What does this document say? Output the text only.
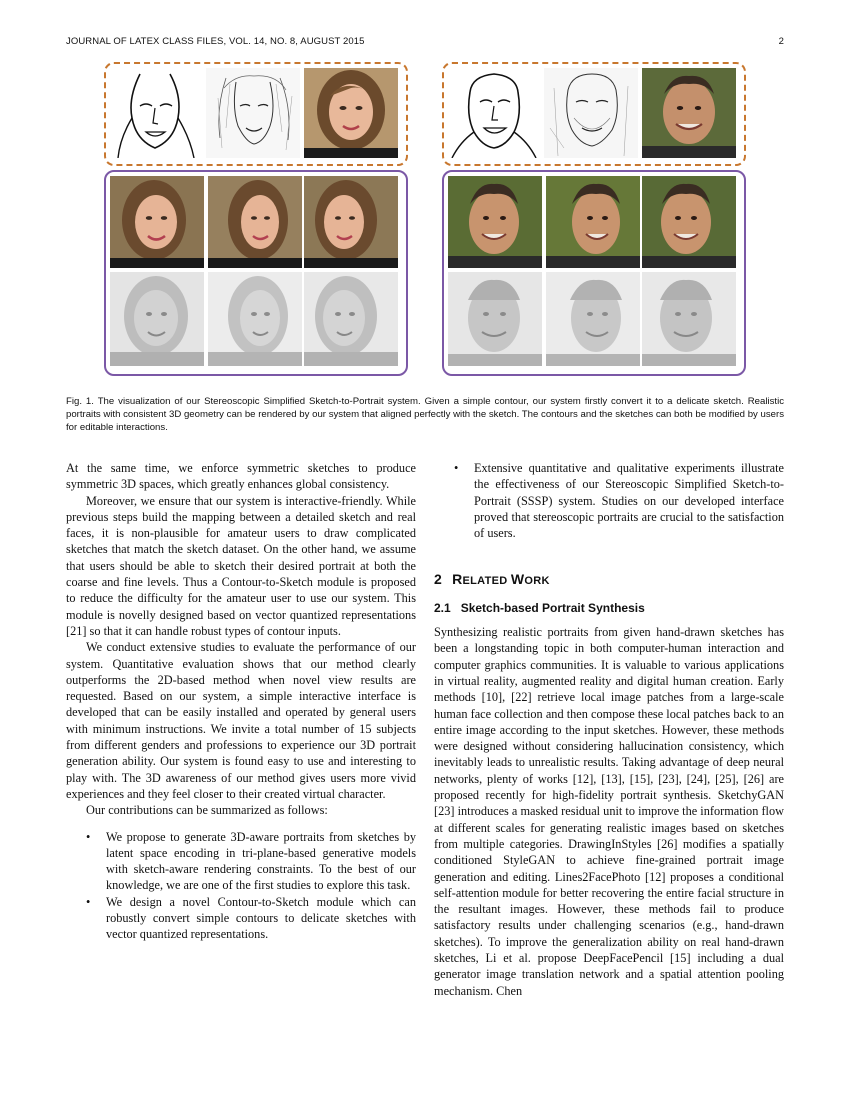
JOURNAL OF LATEX CLASS FILES, VOL. 14, NO. 8, AUGUST 2015	2
Fig. 1. The visualization of our Stereoscopic Simplified Sketch-to-Portrait system. Given a simple contour, our system firstly convert it to a delicate sketch. Realistic portraits with consistent 3D geometry can be rendered by our system that aligned perfectly with the sketch. The contours and the sketches can both be modified by users for editable interactions.

At the same time, we enforce symmetric sketches to produce symmetric 3D spaces, which greatly enhances global consistency.

Moreover, we ensure that our system is interactive-friendly. While previous steps build the mapping between a detailed sketch and real faces, it is non-plausible for amateur users to draw complicated sketches that match the sketch dataset. On the other hand, we assume that users should be able to sketch their desired portrait at both the coarse and fine levels. Thus a Contour-to-Sketch module is proposed to reduce the difficulty for the amateur user to use our system. This module is novelly designed based on vector quantized representations [21] so that it can handle robust types of contour inputs.

We conduct extensive studies to evaluate the performance of our system. Quantitative evaluation shows that our method clearly outperforms the 2D-based method when novel view results are requested. Based on our system, a simple interactive interface is developed that can be easily installed and operated by general users with minimum instructions. We invite a total number of 15 subjects from different genders and professions to experience our 3D portrait generation ability. Our system is found easy to use and interesting to play with. The 3D awareness of our method gives users more vivid experiences and they feel closer to their created virtual character.

Our contributions can be summarized as follows:

• We propose to generate 3D-aware portraits from sketches by latent space encoding in tri-plane-based generative models with sketch-aware rendering constraints. To the best of our knowledge, we are one of the first studies to explore this task.
• We design a novel Contour-to-Sketch module which can robustly convert simple contours to delicate sketches with vector quantized representations.
• Extensive quantitative and qualitative experiments illustrate the effectiveness of our Stereoscopic Simplified Sketch-to-Portrait (SSSP) system. Studies on our developed interface proved that stereoscopic portraits are crucial to the satisfaction of users.
2 RELATED WORK
2.1 Sketch-based Portrait Synthesis

Synthesizing realistic portraits from given hand-drawn sketches has been a longstanding topic in both computer-human interaction and computer graphics communities. It is valuable to various applications in virtual reality, augmented reality and digital human creation. Early methods [10], [22] retrieve local image patches from a large-scale human face collection and then compose these local patches back to an entire image according to the input sketches. However, these methods were designed without considering hallucination consistency, which inevitably leads to unrealistic results. Taking advantage of deep neural networks, plenty of works [12], [13], [15], [23], [24], [25], [26] are proposed recently for high-fidelity portrait synthesis. SketchyGAN [23] introduces a masked residual unit to improve the information flow at different scales for generating realistic images based on sketches from multiple categories. DrawingInStyles [26] modifies a spatially conditioned StyleGAN to achieve fine-grained portrait image generation and editing. Lines2FacePhoto [12] proposes a conditional self-attention module for better recovering the entire facial structure in the resultant images. However, these methods fail to produce satisfactory results under challenging scenarios (e.g., hand-drawn sketches). To improve the generalization ability on real hand-drawn sketches, Li et al. propose DeepFacePencil [15] including a dual generator image translation network and a spatial attention pooling mechanism. Chen
